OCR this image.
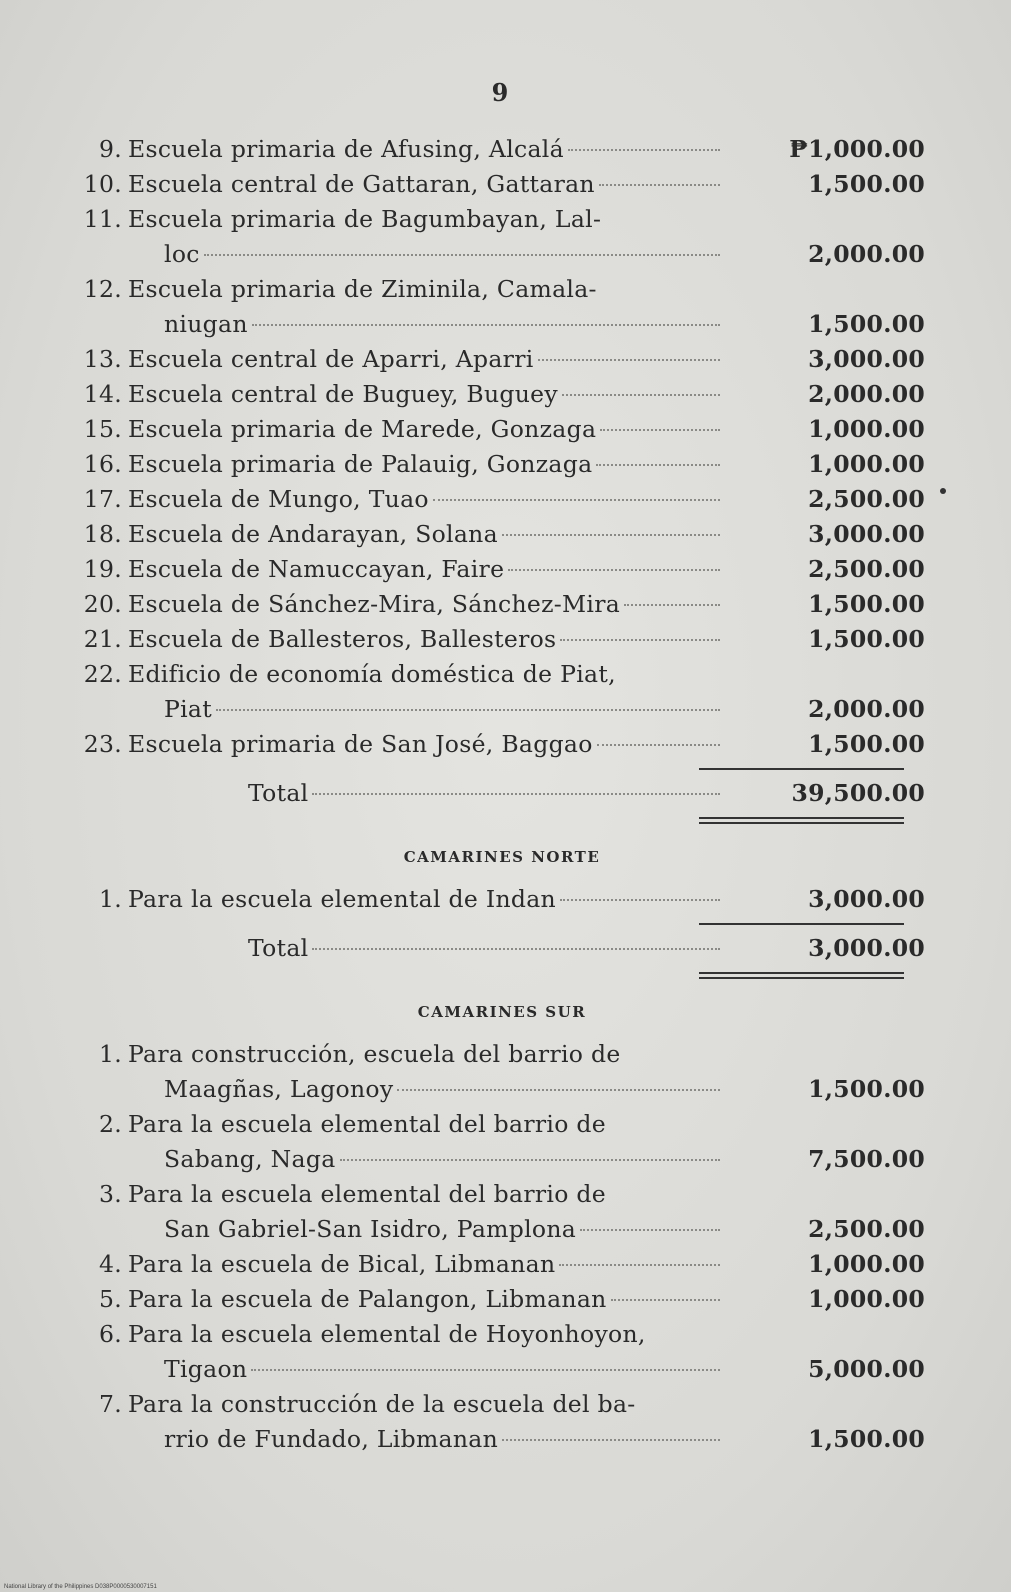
9
9. Escuela primaria de Afusing, Alcalá	₱1,000.00
10. Escuela central de Gattaran, Gattaran	1,500.00
11. Escuela primaria de Bagumbayan, Lal-
loc	2,000.00
12. Escuela primaria de Ziminila, Camala-
niugan	1,500.00
13. Escuela central de Aparri, Aparri	3,000.00
14. Escuela central de Buguey, Buguey	2,000.00
15. Escuela primaria de Marede, Gonzaga	1,000.00
16. Escuela primaria de Palauig, Gonzaga	1,000.00
17. Escuela de Mungo, Tuao	2,500.00
18. Escuela de Andarayan, Solana	3,000.00
19. Escuela de Namuccayan, Faire	2,500.00
20. Escuela de Sánchez-Mira, Sánchez-Mira	1,500.00
21. Escuela de Ballesteros, Ballesteros	1,500.00
22. Edificio de economía doméstica de Piat,
Piat	2,000.00
23. Escuela primaria de San José, Baggao	1,500.00
Total	39,500.00
CAMARINES NORTE
1. Para la escuela elemental de Indan	3,000.00
Total	3,000.00
CAMARINES SUR
1. Para construcción, escuela del barrio de
Maagñas, Lagonoy	1,500.00
2. Para la escuela elemental del barrio de
Sabang, Naga	7,500.00
3. Para la escuela elemental del barrio de
San Gabriel-San Isidro, Pamplona	2,500.00
4. Para la escuela de Bical, Libmanan	1,000.00
5. Para la escuela de Palangon, Libmanan	1,000.00
6. Para la escuela elemental de Hoyonhoyon,
Tigaon	5,000.00
7. Para la construcción de la escuela del ba-
rrio de Fundado, Libmanan	1,500.00
National Library of the Philippines D038P0000530007151
